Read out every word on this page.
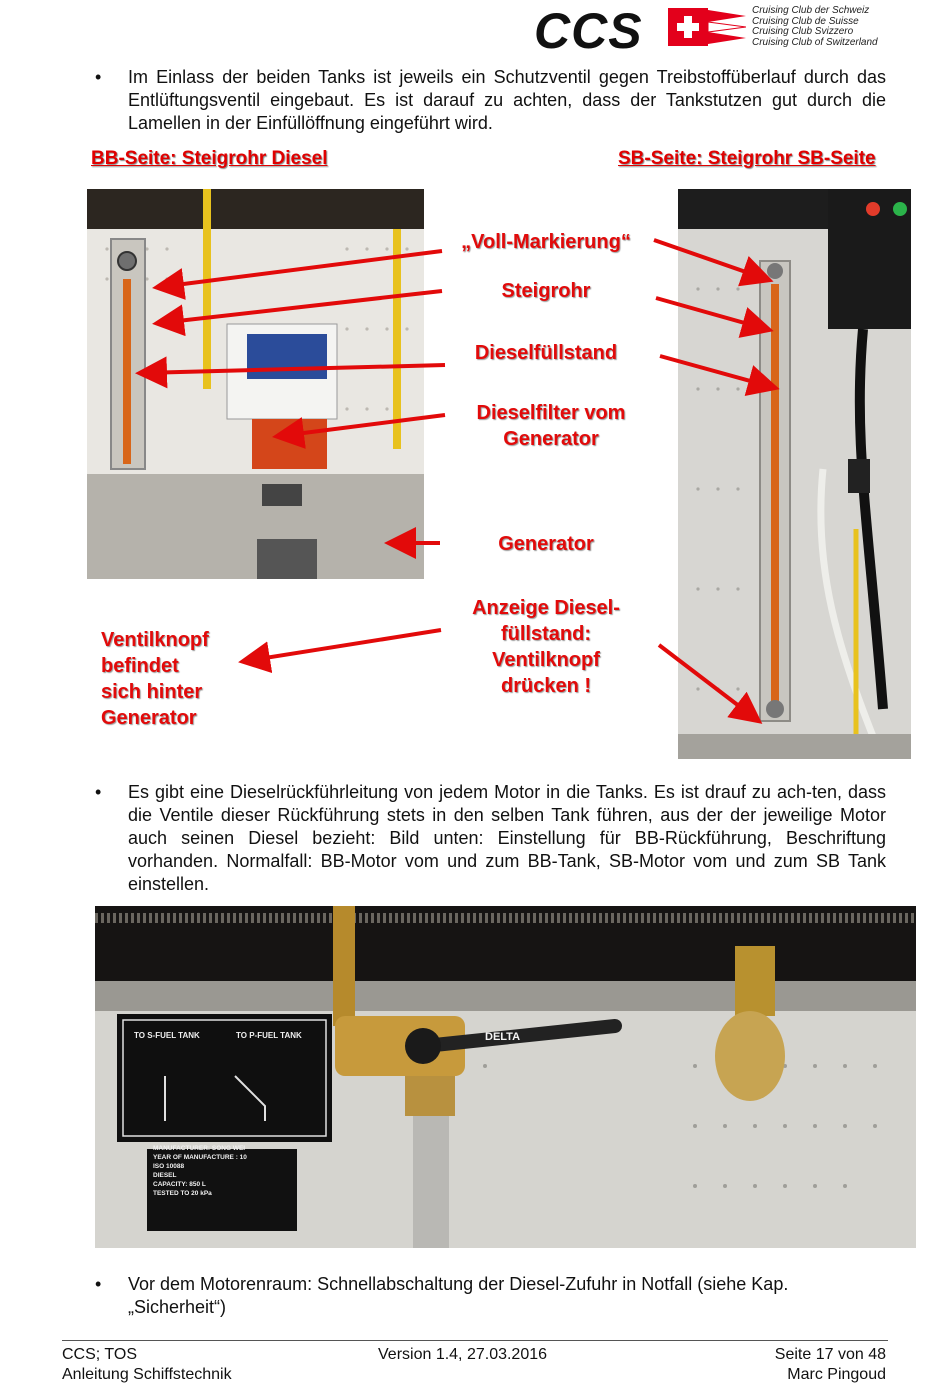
CCS	Cruising Club der Schweiz
Cruising Club de Suisse
Cruising Club Svizzero
Cruising Club of Switzerland
• Im Einlass der beiden Tanks ist jeweils ein Schutzventil gegen Treibstoffüberlauf durch das Entlüftungsventil eingebaut. Es ist darauf zu achten, dass der Tankstutzen gut durch die Lamellen in der Einfüllöffnung eingeführt wird.
BB-Seite: Steigrohr Diesel	SB-Seite: Steigrohr SB-Seite
„Voll-Markierung“
Steigrohr
Dieselfüllstand
Dieselfilter vom
Generator
Generator
Anzeige Diesel-
füllstand:
Ventilknopf
drücken !
Ventilknopf
befindet
sich hinter
Generator
• Es gibt eine Dieselrückführleitung von jedem Motor in die Tanks. Es ist drauf zu ach-ten, dass die Ventile dieser Rückführung stets in den selben Tank führen, aus der der jeweilige Motor auch seinen Diesel bezieht: Bild unten: Einstellung für BB-Rückführung, Beschriftung vorhanden. Normalfall: BB-Motor vom und zum BB-Tank, SB-Motor vom und zum SB Tank einstellen.
TO S-FUEL TANK	TO P-FUEL TANK	DELTA
MANUFACTURER: SONG WEI
YEAR OF MANUFACTURE : 10
ISO 10088
DIESEL
CAPACITY: 850 L
TESTED TO 20 kPa
• Vor dem Motorenraum: Schnellabschaltung der Diesel-Zufuhr in Notfall (siehe Kap. „Sicherheit“)
CCS; TOS
Anleitung Schiffstechnik
Version 1.4, 27.03.2016	Seite 17 von 48
Marc Pingoud
